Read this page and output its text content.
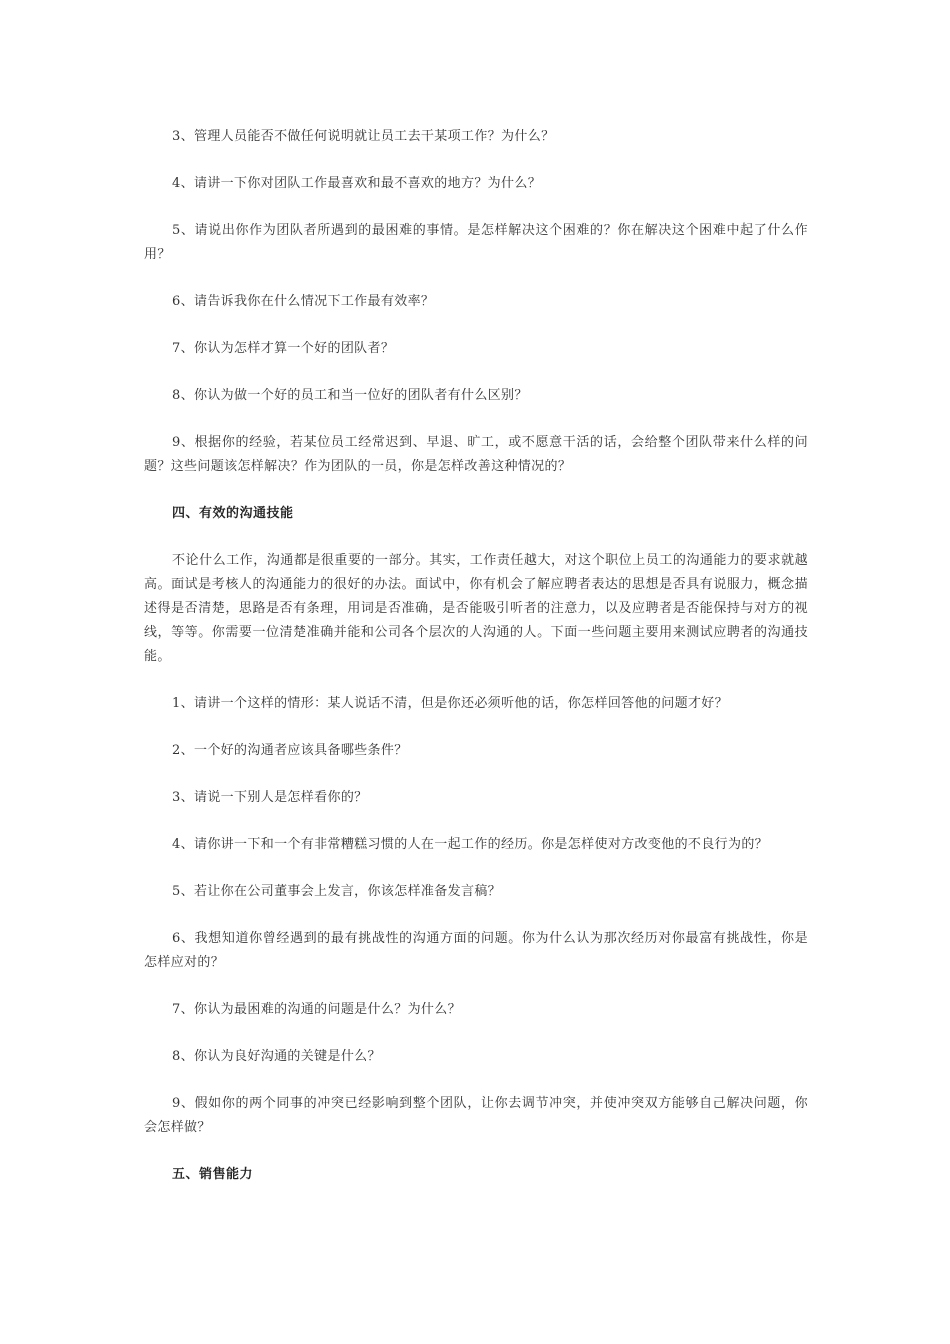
3、管理人员能否不做任何说明就让员工去干某项工作？为什么？

4、请讲一下你对团队工作最喜欢和最不喜欢的地方？为什么？

5、请说出你作为团队者所遇到的最困难的事情。是怎样解决这个困难的？你在解决这个困难中起了什么作用？

6、请告诉我你在什么情况下工作最有效率？

7、你认为怎样才算一个好的团队者？

8、你认为做一个好的员工和当一位好的团队者有什么区别？

9、根据你的经验，若某位员工经常迟到、早退、旷工，或不愿意干活的话，会给整个团队带来什么样的问题？这些问题该怎样解决？作为团队的一员，你是怎样改善这种情况的？

四、有效的沟通技能

不论什么工作，沟通都是很重要的一部分。其实，工作责任越大，对这个职位上员工的沟通能力的要求就越高。面试是考核人的沟通能力的很好的办法。面试中，你有机会了解应聘者表达的思想是否具有说服力，概念描述得是否清楚，思路是否有条理，用词是否准确，是否能吸引听者的注意力，以及应聘者是否能保持与对方的视线，等等。你需要一位清楚准确并能和公司各个层次的人沟通的人。下面一些问题主要用来测试应聘者的沟通技能。

1、请讲一个这样的情形：某人说话不清，但是你还必须听他的话，你怎样回答他的问题才好？

2、一个好的沟通者应该具备哪些条件？

3、请说一下别人是怎样看你的？

4、请你讲一下和一个有非常糟糕习惯的人在一起工作的经历。你是怎样使对方改变他的不良行为的？

5、若让你在公司董事会上发言，你该怎样准备发言稿？

6、我想知道你曾经遇到的最有挑战性的沟通方面的问题。你为什么认为那次经历对你最富有挑战性，你是怎样应对的？

7、你认为最困难的沟通的问题是什么？为什么？

8、你认为良好沟通的关键是什么？

9、假如你的两个同事的冲突已经影响到整个团队，让你去调节冲突，并使冲突双方能够自己解决问题，你会怎样做？

五、销售能力
